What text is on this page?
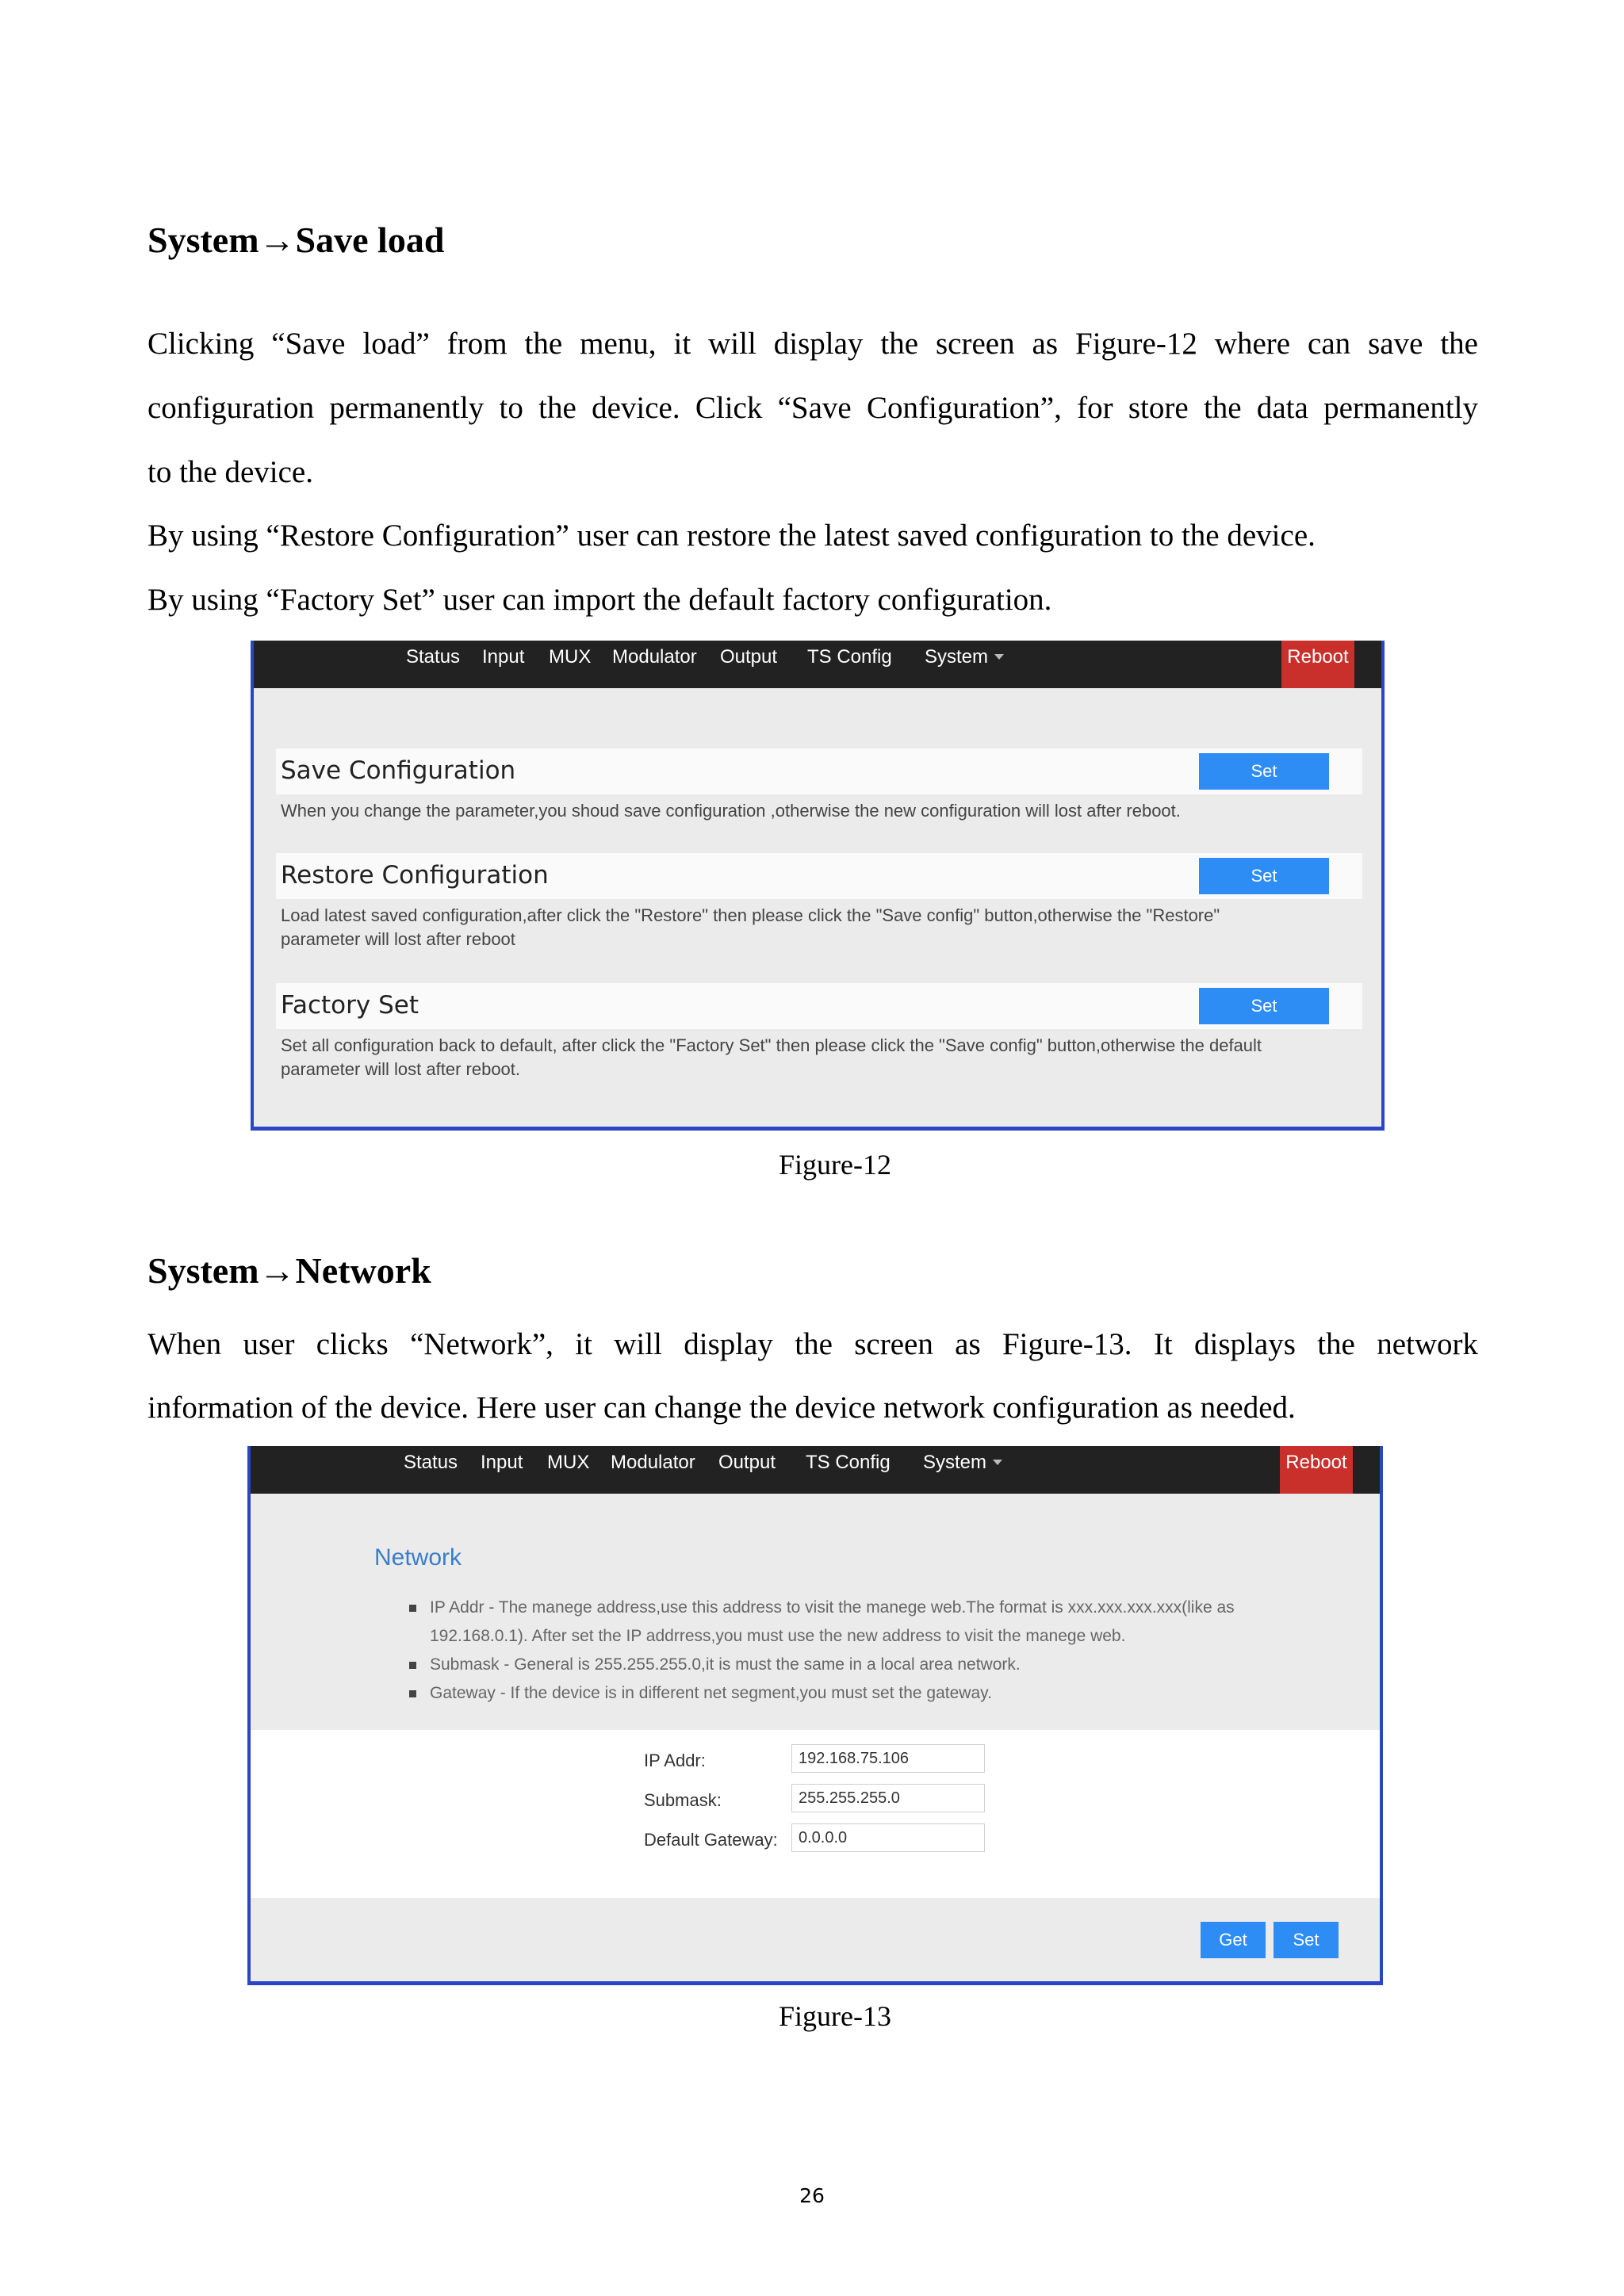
System→Save load

Clicking “Save load” from the menu, it will display the screen as Figure-12 where can save the

configuration permanently to the device. Click “Save Configuration”, for store the data permanently

to the device.

By using “Restore Configuration” user can restore the latest saved configuration to the device.

By using “Factory Set” user can import the default factory configuration.

Status Input MUX Modulator Output TS Config System	Reboot
Save Configuration	Set
When you change the parameter,you shoud save configuration ,otherwise the new configuration will lost after reboot.
Restore Configuration	Set
Load latest saved configuration,after click the "Restore" then please click the "Save config" button,otherwise the "Restore" parameter will lost after reboot
Factory Set	Set
Set all configuration back to default, after click the "Factory Set" then please click the "Save config" button,otherwise the default parameter will lost after reboot.

Figure-12

System→Network

When user clicks “Network”, it will display the screen as Figure-13. It displays the network

information of the device. Here user can change the device network configuration as needed.

Status Input MUX Modulator Output TS Config System	Reboot
Network
IP Addr - The manege address,use this address to visit the manege web.The format is xxx.xxx.xxx.xxx(like as 192.168.0.1). After set the IP addrress,you must use the new address to visit the manege web.
Submask - General is 255.255.255.0,it is must the same in a local area network.
Gateway - If the device is in different net segment,you must set the gateway.
IP Addr:	192.168.75.106
Submask:	255.255.255.0
Default Gateway:	0.0.0.0
Get	Set

Figure-13

26
